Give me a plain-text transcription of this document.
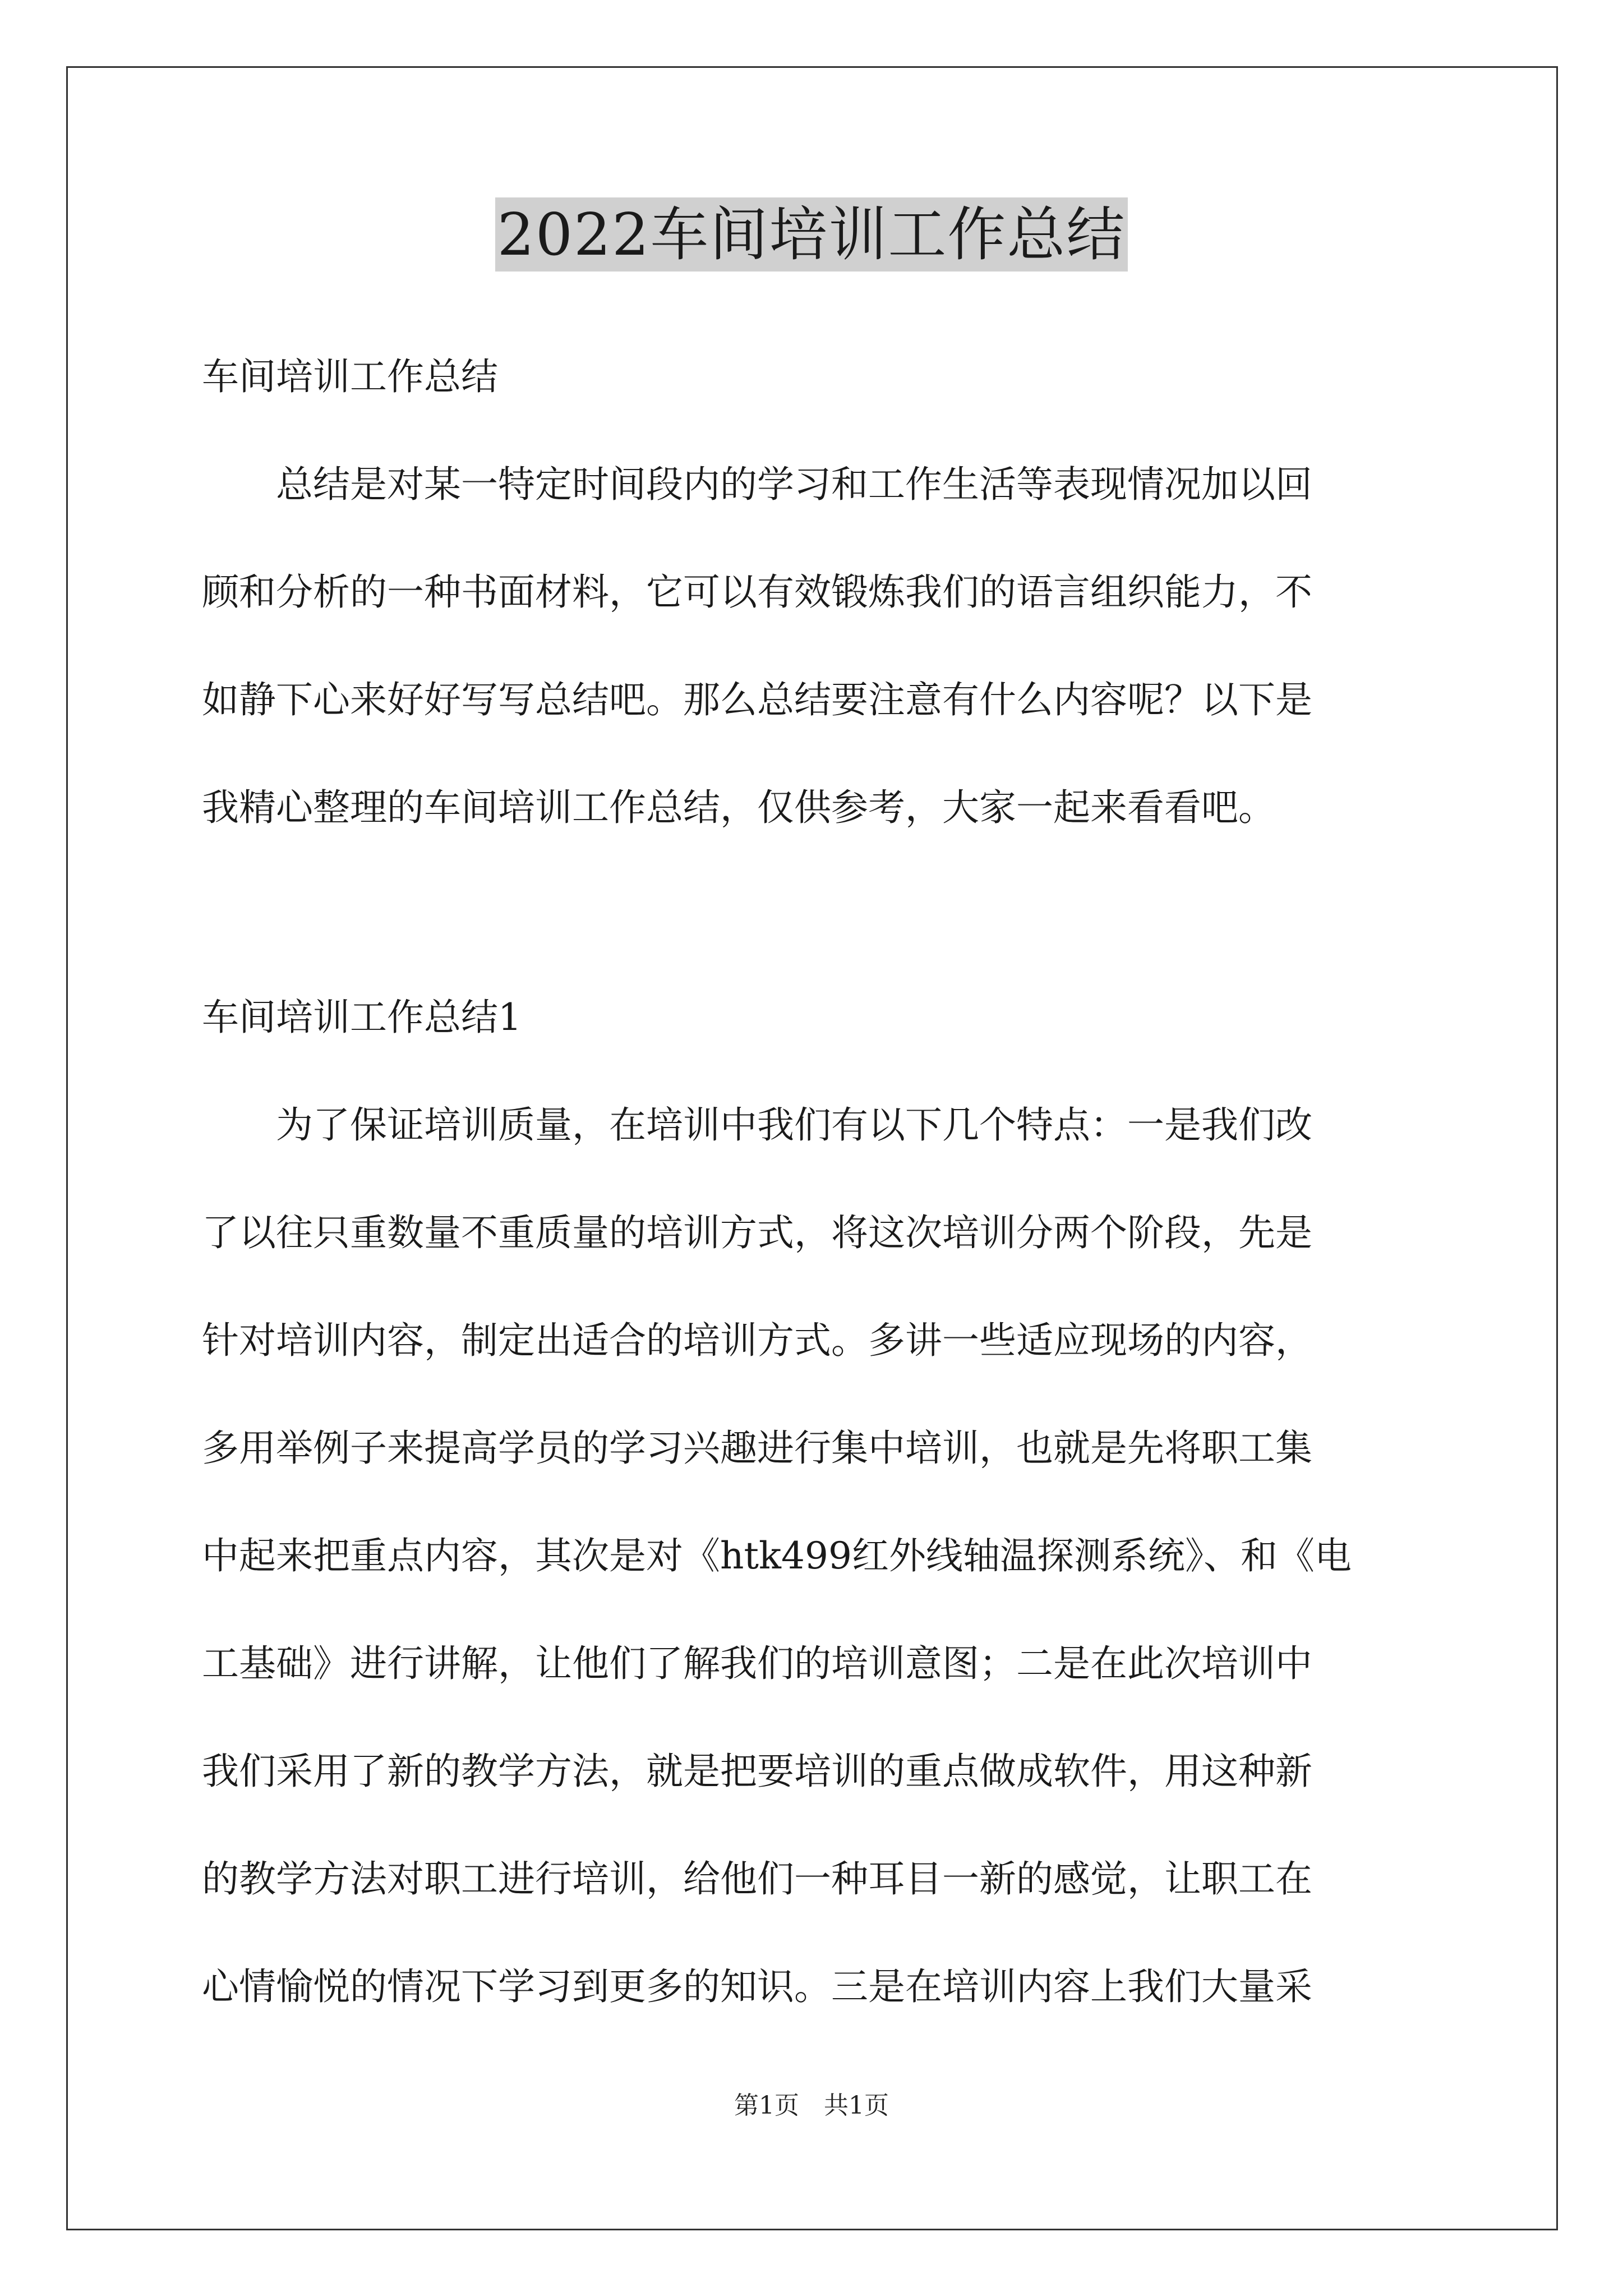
2022车间培训工作总结
车间培训工作总结
　　总结是对某一特定时间段内的学习和工作生活等表现情况加以回
顾和分析的一种书面材料，它可以有效锻炼我们的语言组织能力，不
如静下心来好好写写总结吧。那么总结要注意有什么内容呢？以下是
我精心整理的车间培训工作总结，仅供参考，大家一起来看看吧。
车间培训工作总结1
　　为了保证培训质量，在培训中我们有以下几个特点：一是我们改
了以往只重数量不重质量的培训方式，将这次培训分两个阶段，先是
针对培训内容，制定出适合的培训方式。多讲一些适应现场的内容，
多用举例子来提高学员的学习兴趣进行集中培训，也就是先将职工集
中起来把重点内容，其次是对《htk499红外线轴温探测系统》、和《电
工基础》进行讲解，让他们了解我们的培训意图；二是在此次培训中
我们采用了新的教学方法，就是把要培训的重点做成软件，用这种新
的教学方法对职工进行培训，给他们一种耳目一新的感觉，让职工在
心情愉悦的情况下学习到更多的知识。三是在培训内容上我们大量采
第1页　共1页
